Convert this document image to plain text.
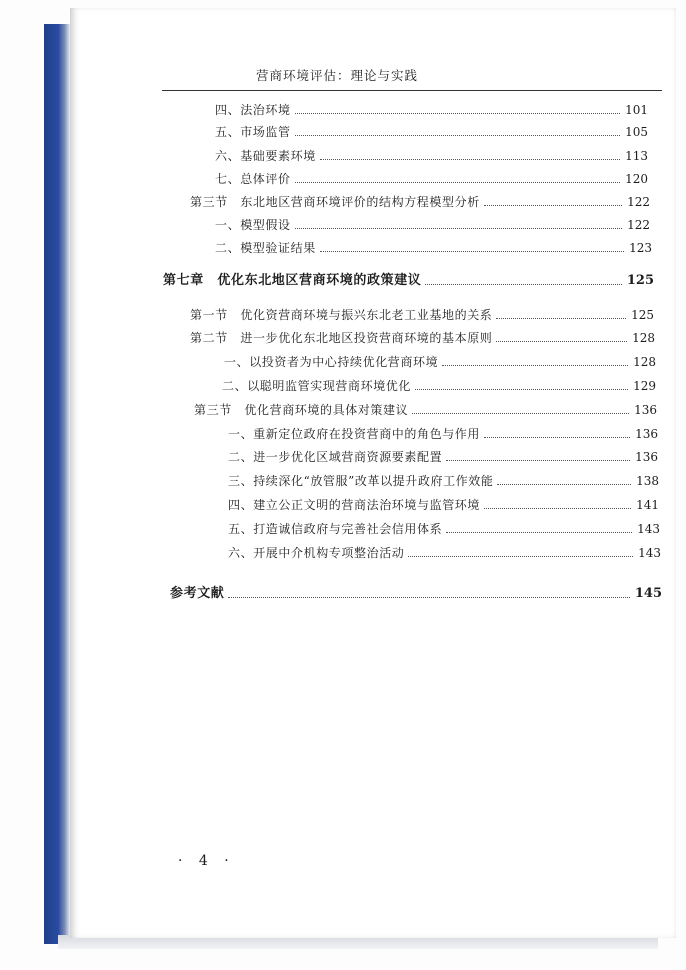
营商环境评估：理论与实践
四、法治环境	101
五、市场监管	105
六、基础要素环境	113
七、总体评价	120
第三节　东北地区营商环境评价的结构方程模型分析	122
一、模型假设	122
二、模型验证结果	123
第七章　优化东北地区营商环境的政策建议	125
第一节　优化资营商环境与振兴东北老工业基地的关系	125
第二节　进一步优化东北地区投资营商环境的基本原则	128
一、以投资者为中心持续优化营商环境	128
二、以聪明监管实现营商环境优化	129
第三节　优化营商环境的具体对策建议	136
一、重新定位政府在投资营商中的角色与作用	136
二、进一步优化区域营商资源要素配置	136
三、持续深化“放管服”改革以提升政府工作效能	138
四、建立公正文明的营商法治环境与监管环境	141
五、打造诚信政府与完善社会信用体系	143
六、开展中介机构专项整治活动	143
参考文献	145
· 4 ·
